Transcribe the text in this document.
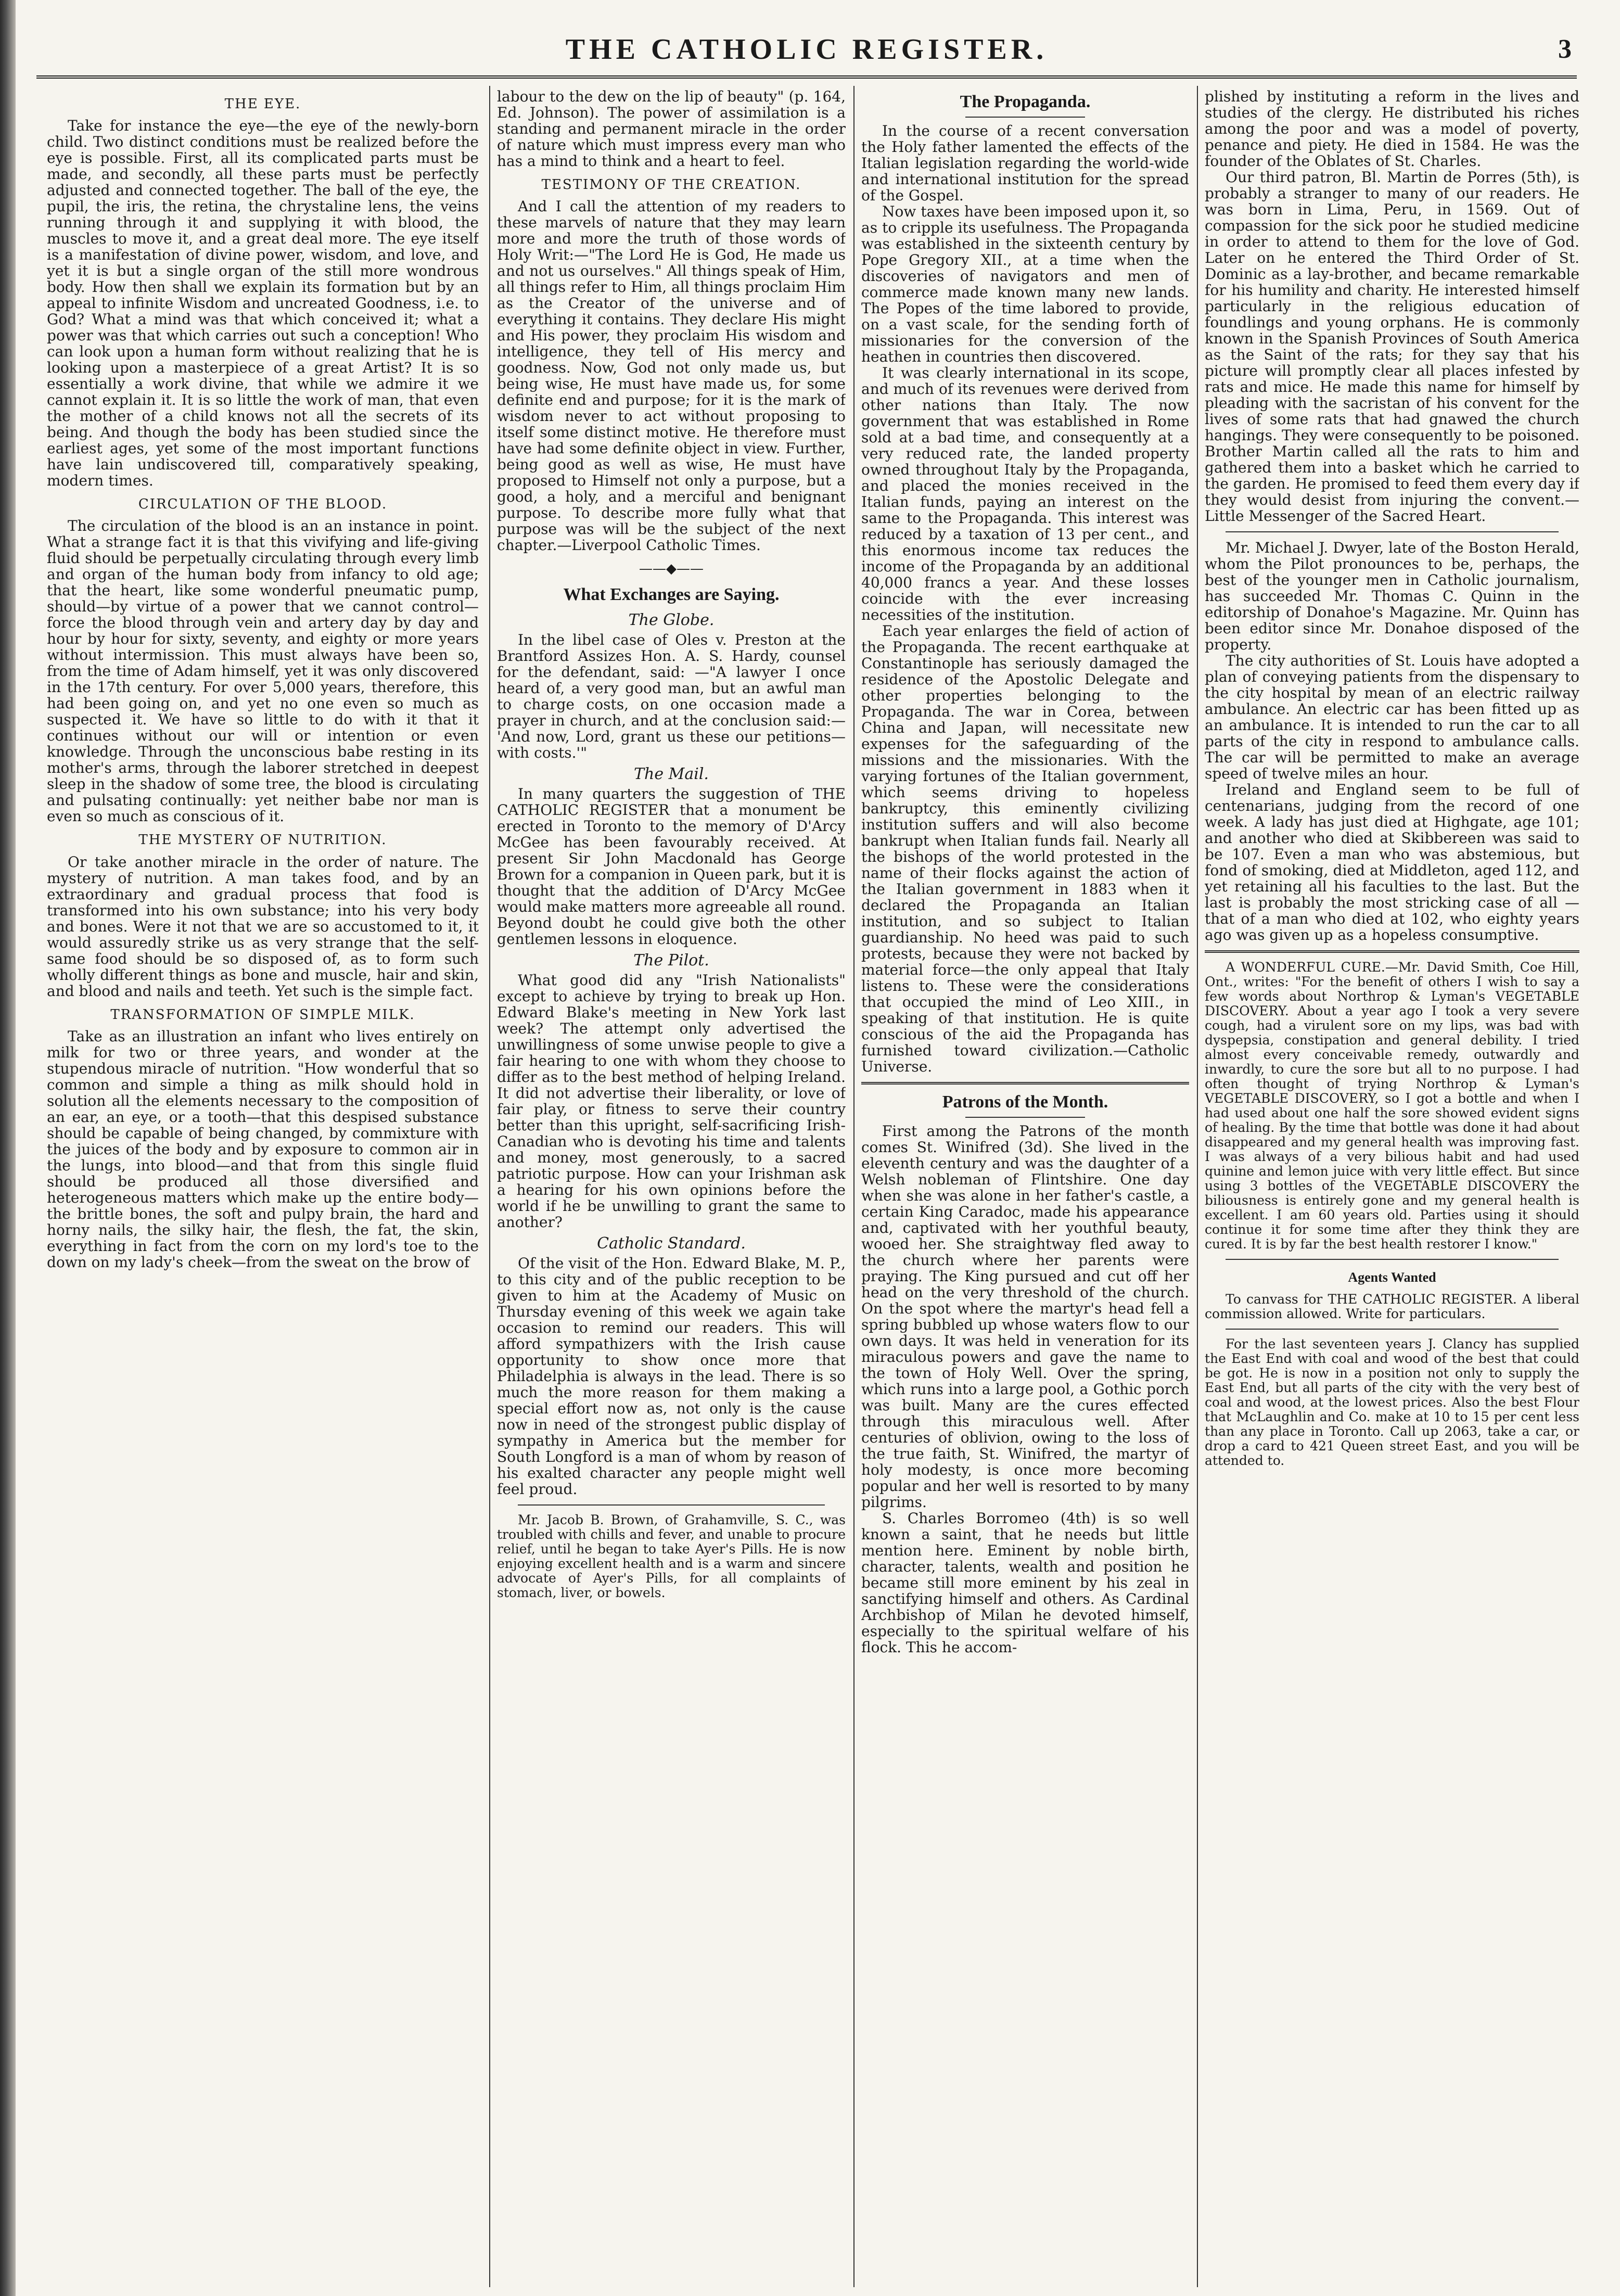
THE CATHOLIC REGISTER.	3
THE EYE.

Take for instance the eye—the eye of the newly-born child. Two distinct conditions must be realized before the eye is possible. First, all its complicated parts must be made, and secondly, all these parts must be perfectly adjusted and connected together. The ball of the eye, the pupil, the iris, the retina, the chrystaline lens, the veins running through it and supplying it with blood, the muscles to move it, and a great deal more. The eye itself is a manifestation of divine power, wisdom, and love, and yet it is but a single organ of the still more wondrous body. How then shall we explain its formation but by an appeal to infinite Wisdom and uncreated Goodness, i.e. to God? What a mind was that which conceived it; what a power was that which carries out such a conception! Who can look upon a human form without realizing that he is looking upon a masterpiece of a great Artist? It is so essentially a work divine, that while we admire it we cannot explain it. It is so little the work of man, that even the mother of a child knows not all the secrets of its being. And though the body has been studied since the earliest ages, yet some of the most important functions have lain undiscovered till, comparatively speaking, modern times.

CIRCULATION OF THE BLOOD.

The circulation of the blood is an an instance in point. What a strange fact it is that this vivifying and life-giving fluid should be perpetually circulating through every limb and organ of the human body from infancy to old age; that the heart, like some wonderful pneumatic pump, should—by virtue of a power that we cannot control—force the blood through vein and artery day by day and hour by hour for sixty, seventy, and eighty or more years without intermission. This must always have been so, from the time of Adam himself, yet it was only discovered in the 17th century. For over 5,000 years, therefore, this had been going on, and yet no one even so much as suspected it. We have so little to do with it that it continues without our will or intention or even knowledge. Through the unconscious babe resting in its mother's arms, through the laborer stretched in deepest sleep in the shadow of some tree, the blood is circulating and pulsating continually: yet neither babe nor man is even so much as conscious of it.

THE MYSTERY OF NUTRITION.

Or take another miracle in the order of nature. The mystery of nutrition. A man takes food, and by an extraordinary and gradual process that food is transformed into his own substance; into his very body and bones. Were it not that we are so accustomed to it, it would assuredly strike us as very strange that the self-same food should be so disposed of, as to form such wholly different things as bone and muscle, hair and skin, and blood and nails and teeth. Yet such is the simple fact.

TRANSFORMATION OF SIMPLE MILK.

Take as an illustration an infant who lives entirely on milk for two or three years, and wonder at the stupendous miracle of nutrition. "How wonderful that so common and simple a thing as milk should hold in solution all the elements necessary to the composition of an ear, an eye, or a tooth—that this despised substance should be capable of being changed, by commixture with the juices of the body and by exposure to common air in the lungs, into blood—and that from this single fluid should be produced all those diversified and heterogeneous matters which make up the entire body—the brittle bones, the soft and pulpy brain, the hard and horny nails, the silky hair, the flesh, the fat, the skin, everything in fact from the corn on my lord's toe to the down on my lady's cheek—from the sweat on the brow of

labour to the dew on the lip of beauty" (p. 164, Ed. Johnson). The power of assimilation is a standing and permanent miracle in the order of nature which must impress every man who has a mind to think and a heart to feel.

TESTIMONY OF THE CREATION.

And I call the attention of my readers to these marvels of nature that they may learn more and more the truth of those words of Holy Writ:—"The Lord He is God, He made us and not us ourselves." All things speak of Him, all things refer to Him, all things proclaim Him as the Creator of the universe and of everything it contains. They declare His might and His power, they proclaim His wisdom and intelligence, they tell of His mercy and goodness. Now, God not only made us, but being wise, He must have made us, for some definite end and purpose; for it is the mark of wisdom never to act without proposing to itself some distinct motive. He therefore must have had some definite object in view. Further, being good as well as wise, He must have proposed to Himself not only a purpose, but a good, a holy, and a merciful and benignant purpose. To describe more fully what that purpose was will be the subject of the next chapter.—Liverpool Catholic Times.

——◆——
What Exchanges are Saying.
The Globe.

In the libel case of Oles v. Preston at the Brantford Assizes Hon. A. S. Hardy, counsel for the defendant, said: —"A lawyer I once heard of, a very good man, but an awful man to charge costs, on one occasion made a prayer in church, and at the conclusion said:— 'And now, Lord, grant us these our petitions—with costs.'"

The Mail.

In many quarters the suggestion of THE CATHOLIC REGISTER that a monument be erected in Toronto to the memory of D'Arcy McGee has been favourably received. At present Sir John Macdonald has George Brown for a companion in Queen park, but it is thought that the addition of D'Arcy McGee would make matters more agreeable all round. Beyond doubt he could give both the other gentlemen lessons in eloquence.

The Pilot.

What good did any "Irish Nationalists" except to achieve by trying to break up Hon. Edward Blake's meeting in New York last week? The attempt only advertised the unwillingness of some unwise people to give a fair hearing to one with whom they choose to differ as to the best method of helping Ireland. It did not advertise their liberality, or love of fair play, or fitness to serve their country better than this upright, self-sacrificing Irish-Canadian who is devoting his time and talents and money, most generously, to a sacred patriotic purpose. How can your Irishman ask a hearing for his own opinions before the world if he be unwilling to grant the same to another?

Catholic Standard.

Of the visit of the Hon. Edward Blake, M. P., to this city and of the public reception to be given to him at the Academy of Music on Thursday evening of this week we again take occasion to remind our readers. This will afford sympathizers with the Irish cause opportunity to show once more that Philadelphia is always in the lead. There is so much the more reason for them making a special effort now as, not only is the cause now in need of the strongest public display of sympathy in America but the member for South Longford is a man of whom by reason of his exalted character any people might well feel proud.

Mr. Jacob B. Brown, of Grahamville, S. C., was troubled with chills and fever, and unable to procure relief, until he began to take Ayer's Pills. He is now enjoying excellent health and is a warm and sincere advocate of Ayer's Pills, for all complaints of stomach, liver, or bowels.

The Propaganda.

In the course of a recent conversation the Holy father lamented the effects of the Italian legislation regarding the world-wide and international institution for the spread of the Gospel.

Now taxes have been imposed upon it, so as to cripple its usefulness. The Propaganda was established in the sixteenth century by Pope Gregory XII., at a time when the discoveries of navigators and men of commerce made known many new lands. The Popes of the time labored to provide, on a vast scale, for the sending forth of missionaries for the conversion of the heathen in countries then discovered.

It was clearly international in its scope, and much of its revenues were derived from other nations than Italy. The now government that was established in Rome sold at a bad time, and consequently at a very reduced rate, the landed property owned throughout Italy by the Propaganda, and placed the monies received in the Italian funds, paying an interest on the same to the Propaganda. This interest was reduced by a taxation of 13 per cent., and this enormous income tax reduces the income of the Propaganda by an additional 40,000 francs a year. And these losses coincide with the ever increasing necessities of the institution.

Each year enlarges the field of action of the Propaganda. The recent earthquake at Constantinople has seriously damaged the residence of the Apostolic Delegate and other properties belonging to the Propaganda. The war in Corea, between China and Japan, will necessitate new expenses for the safeguarding of the missions and the missionaries. With the varying fortunes of the Italian government, which seems driving to hopeless bankruptcy, this eminently civilizing institution suffers and will also become bankrupt when Italian funds fail. Nearly all the bishops of the world protested in the name of their flocks against the action of the Italian government in 1883 when it declared the Propaganda an Italian institution, and so subject to Italian guardianship. No heed was paid to such protests, because they were not backed by material force—the only appeal that Italy listens to. These were the considerations that occupied the mind of Leo XIII., in speaking of that institution. He is quite conscious of the aid the Propaganda has furnished toward civilization.—Catholic Universe.

Patrons of the Month.

First among the Patrons of the month comes St. Winifred (3d). She lived in the eleventh century and was the daughter of a Welsh nobleman of Flintshire. One day when she was alone in her father's castle, a certain King Caradoc, made his appearance and, captivated with her youthful beauty, wooed her. She straightway fled away to the church where her parents were praying. The King pursued and cut off her head on the very threshold of the church. On the spot where the martyr's head fell a spring bubbled up whose waters flow to our own days. It was held in veneration for its miraculous powers and gave the name to the town of Holy Well. Over the spring, which runs into a large pool, a Gothic porch was built. Many are the cures effected through this miraculous well. After centuries of oblivion, owing to the loss of the true faith, St. Winifred, the martyr of holy modesty, is once more becoming popular and her well is resorted to by many pilgrims.

S. Charles Borromeo (4th) is so well known a saint, that he needs but little mention here. Eminent by noble birth, character, talents, wealth and position he became still more eminent by his zeal in sanctifying himself and others. As Cardinal Archbishop of Milan he devoted himself, especially to the spiritual welfare of his flock. This he accom-

plished by instituting a reform in the lives and studies of the clergy. He distributed his riches among the poor and was a model of poverty, penance and piety. He died in 1584. He was the founder of the Oblates of St. Charles.

Our third patron, Bl. Martin de Porres (5th), is probably a stranger to many of our readers. He was born in Lima, Peru, in 1569. Out of compassion for the sick poor he studied medicine in order to attend to them for the love of God. Later on he entered the Third Order of St. Dominic as a lay-brother, and became remarkable for his humility and charity. He interested himself particularly in the religious education of foundlings and young orphans. He is commonly known in the Spanish Provinces of South America as the Saint of the rats; for they say that his picture will promptly clear all places infested by rats and mice. He made this name for himself by pleading with the sacristan of his convent for the lives of some rats that had gnawed the church hangings. They were consequently to be poisoned. Brother Martin called all the rats to him and gathered them into a basket which he carried to the garden. He promised to feed them every day if they would desist from injuring the convent.—Little Messenger of the Sacred Heart.

Mr. Michael J. Dwyer, late of the Boston Herald, whom the Pilot pronounces to be, perhaps, the best of the younger men in Catholic journalism, has succeeded Mr. Thomas C. Quinn in the editorship of Donahoe's Magazine. Mr. Quinn has been editor since Mr. Donahoe disposed of the property.

The city authorities of St. Louis have adopted a plan of conveying patients from the dispensary to the city hospital by mean of an electric railway ambulance. An electric car has been fitted up as an ambulance. It is intended to run the car to all parts of the city in respond to ambulance calls. The car will be permitted to make an average speed of twelve miles an hour.

Ireland and England seem to be full of centenarians, judging from the record of one week. A lady has just died at Highgate, age 101; and another who died at Skibbereen was said to be 107. Even a man who was abstemious, but fond of smoking, died at Middleton, aged 112, and yet retaining all his faculties to the last. But the last is probably the most stricking case of all —that of a man who died at 102, who eighty years ago was given up as a hopeless consumptive.

A WONDERFUL CURE.—Mr. David Smith, Coe Hill, Ont., writes: "For the benefit of others I wish to say a few words about Northrop & Lyman's VEGETABLE DISCOVERY. About a year ago I took a very severe cough, had a virulent sore on my lips, was bad with dyspepsia, constipation and general debility. I tried almost every conceivable remedy, outwardly and inwardly, to cure the sore but all to no purpose. I had often thought of trying Northrop & Lyman's VEGETABLE DISCOVERY, so I got a bottle and when I had used about one half the sore showed evident signs of healing. By the time that bottle was done it had about disappeared and my general health was improving fast. I was always of a very bilious habit and had used quinine and lemon juice with very little effect. But since using 3 bottles of the VEGETABLE DISCOVERY the biliousness is entirely gone and my general health is excellent. I am 60 years old. Parties using it should continue it for some time after they think they are cured. It is by far the best health restorer I know."

Agents Wanted

To canvass for THE CATHOLIC REGISTER. A liberal commission allowed. Write for particulars.

For the last seventeen years J. Clancy has supplied the East End with coal and wood of the best that could be got. He is now in a position not only to supply the East End, but all parts of the city with the very best of coal and wood, at the lowest prices. Also the best Flour that McLaughlin and Co. make at 10 to 15 per cent less than any place in Toronto. Call up 2063, take a car, or drop a card to 421 Queen street East, and you will be attended to.
